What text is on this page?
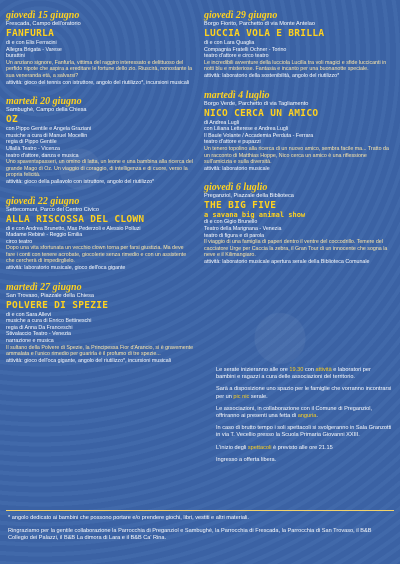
giovedì 15 giugno
Frescada, Campo dell'oratorio
FANFURLA
di e con Elis Ferracini
Allegra Brigata - Varese
burattini
Un anziano signore, Fanfurla, vittima del raggiro interessato e delittuoso del perfido nipote che aspira a ereditare le fortune dello zio. Riuscirà, nonostante la sua veneranda età, a salvarsi?
attività: gioco del tennis con istruttore, angolo del riutilizzo*, incursioni musicali
martedì 20 giugno
Sambughè, Campo della Chiesa
OZ
con Pippo Gentile e Angela Graziani
musiche a cura di Manuel Mocellin
regia di Pippo Gentile
Ullallà Teatro - Vicenza
teatro d'attore, danza e musica
Uno spaventapasseri, un omino di latta, un leone e una bambina alla ricerca del grande Mago di Oz. Un viaggio di coraggio, di intelligenza e di cuore, verso la propria felicità.
attività: gioco della pallavolo con istruttore, angolo del riutilizzo*
giovedì 22 giugno
Settecomuni, Parco del Centro Civico
ALLA RISCOSSA DEL CLOWN
di e con Andrea Brunetto, Max Pederzoli e Alessio Polluzi
Madame Rebiné - Reggio Emilia
circo teatro
Dopo una vita sfortunata un vecchio clown torna per farsi giustizia. Ma deve fare i conti con tenere acrobate, giocolerie senza rimedio e con un assistente che cercherà di impedirglielo.
attività: laboratorio musicale, gioco dell'oca gigante
martedì 27 giugno
San Trovaso, Piazzale della Chiesa
POLVERE DI SPEZIE
di e con Sara Allevi
musiche a cura di Enrico Bettineschi
regia di Anna Da Franceschi
Stivalaccio Teatro - Venezia
narrazione e musica
Il sultano della Polvere di Spezie, la Principessa Fior d'Arancio, si è gravemente ammalata e l'unico rimedio per guarirla è il profumo di tre spezie...
attività: gioco dell'oca gigante, angolo del riutilizzo*, incursioni musicali
giovedì 29 giugno
Borgo Fiorito, Parchetto di via Monte Antelao
LUCCIA VOLA E BRILLA
di e con Lara Quaglia
Compagnia Fratelli Ochner - Torino
teatro d'attore e circo teatro
Le incredibili avventure della lucciola Lucilla tra voli magici e sfide luccicanti in notti blu e misteriose. Fantasia e incanto per una buonanotte speciale.
attività: laboratorio della sostenibilità, angolo del riutilizzo*
martedì 4 luglio
Borgo Verde, Parchetto di via Tagliamento
NICO CERCA UN AMICO
di Andrea Lugli
con Liliana Letterese e Andrea Lugli
Il Baule Volante / Accademia Perduta - Ferrara
teatro d'attore e pupazzi
Un tenero topolino alla ricerca di un nuovo amico, sembra facile ma... Tratto da un racconto di Matthias Hoppe, Nico cerca un amico è una riflessione sull'amicizia e sulla diversità.
attività: laboratorio musicale
giovedì 6 luglio
Preganziol, Piazzale della Biblioteca
THE BIG FIVE
a savana big animal show
di e con Gigio Brunello
Teatro della Marignana - Venezia
teatro di figura e di parola
Il viaggio di una famiglia di paperi dentro il ventre del coccodrillo. Temere del cacciatore Urge per Caccia la zebra, il Gran Tour di un innocente che sogna la neve e il Kilimangiaro.
attività: laboratorio musicale apertura serale della Biblioteca Comunale

Le serate inizieranno alle ore 19.30 con attività e laboratori per bambini e ragazzi a cura delle associazioni del territorio.

Sarà a disposizione uno spazio per le famiglie che vorranno incontrarsi per un pic nic serale.

Le associazioni, in collaborazione con il Comune di Preganziol, offriranno ai presenti una fetta di anguria.

In caso di brutto tempo i soli spettacoli si svolgeranno in Sala Granzotti in via T. Vecellio presso la Scuola Primaria Giovanni XXIII.

L'inizio degli spettacoli è previsto alle ore 21.15

Ingresso a offerta libera.

* angolo dedicato ai bambini che possono portare e/o prendere giochi, libri, vestiti e altri materiali.
Ringraziamo per la gentile collaborazione la Parrocchia di Preganziol e Sambughè, la Parrocchia di Frescada, la Parrocchia di San Trovaso, il B&B Collegio dei Palazzi, il B&B La dimora di Lara e il B&B Ca' Rina.
